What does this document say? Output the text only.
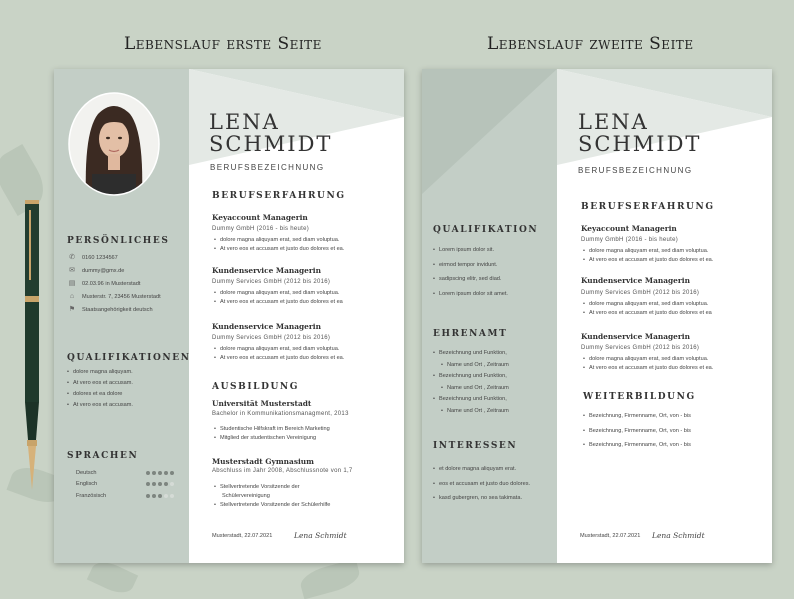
Lebenslauf erste Seite	Lebenslauf zweite Seite
LENA
SCHMIDT
BERUFSBEZEICHNUNG
PERSÖNLICHES
✆	0160 1234567
✉	dummy@gmx.de
▤	02.03.96 in Musterstadt
⌂	Musterstr. 7, 23456 Musterstadt
⚑	Staatsangehörigkeit deutsch
QUALIFIKATIONEN
• dolore magna aliquyam.
• At vero eos et accusam.
• dolores et ea dolore
• At vero eos et accusam.
SPRACHEN
Deutsch
Englisch
Französisch
BERUFSERFAHRUNG
Keyaccount Managerin
Dummy GmbH (2016 - bis heute)
• dolore magna aliquyam erat, sed diam voluptua.
• At vero eos et accusam et justo duo dolores et ea.
Kundenservice Managerin
Dummy Services GmbH (2012 bis 2016)
• dolore magna aliquyam erat, sed diam voluptua.
• At vero eos et accusam et justo duo dolores et ea
Kundenservice Managerin
Dummy Services GmbH (2012 bis 2016)
• dolore magna aliquyam erat, sed diam voluptua.
• At vero eos et accusam et justo duo dolores et ea.
AUSBILDUNG
Universität Musterstadt
Bachelor in Kommunikationsmanagment, 2013
• Studentische Hilfskraft im Bereich Marketing
• Mitglied der studentischen Vereinigung
Musterstadt Gymnasium
Abschluss im Jahr 2008, Abschlussnote von 1,7
• Stellvertretende Vorsitzende der
Schülervereinigung
• Stellvertretende Vorsitzende der Schülerhilfe
Musterstadt, 22.07.2021	Lena Schmidt
LENA
SCHMIDT
BERUFSBEZEICHNUNG
QUALIFIKATION
• Lorem ipsum dolor sit.
• eirmod tempor invidunt.
• sadipscing elitr, sed diad.
• Lorem ipsum dolor sit amet.
EHRENAMT
• Bezeichnung und Funktion,
• Name und Ort , Zeitraum
• Bezeichnung und Funktion,
• Name und Ort , Zeitraum
• Bezeichnung und Funktion,
• Name und Ort , Zeitraum
INTERESSEN
• et dolore magna aliquyam erat.
• eos et accusam et justo duo dolores.
• kasd gubergren, no sea takimata.
BERUFSERFAHRUNG
Keyaccount Managerin
Dummy GmbH (2016 - bis heute)
• dolore magna aliquyam erat, sed diam voluptua.
• At vero eos et accusam et justo duo dolores et ea.
Kundenservice Managerin
Dummy Services GmbH (2012 bis 2016)
• dolore magna aliquyam erat, sed diam voluptua.
• At vero eos et accusam et justo duo dolores et ea
Kundenservice Managerin
Dummy Services GmbH (2012 bis 2016)
• dolore magna aliquyam erat, sed diam voluptua.
• At vero eos et accusam et justo duo dolores et ea.
WEITERBILDUNG
• Bezeichnung, Firmenname, Ort, von - bis
• Bezeichnung, Firmenname, Ort, von - bis
• Bezeichnung, Firmenname, Ort, von - bis
Musterstadt, 22.07.2021 Lena Schmidt
